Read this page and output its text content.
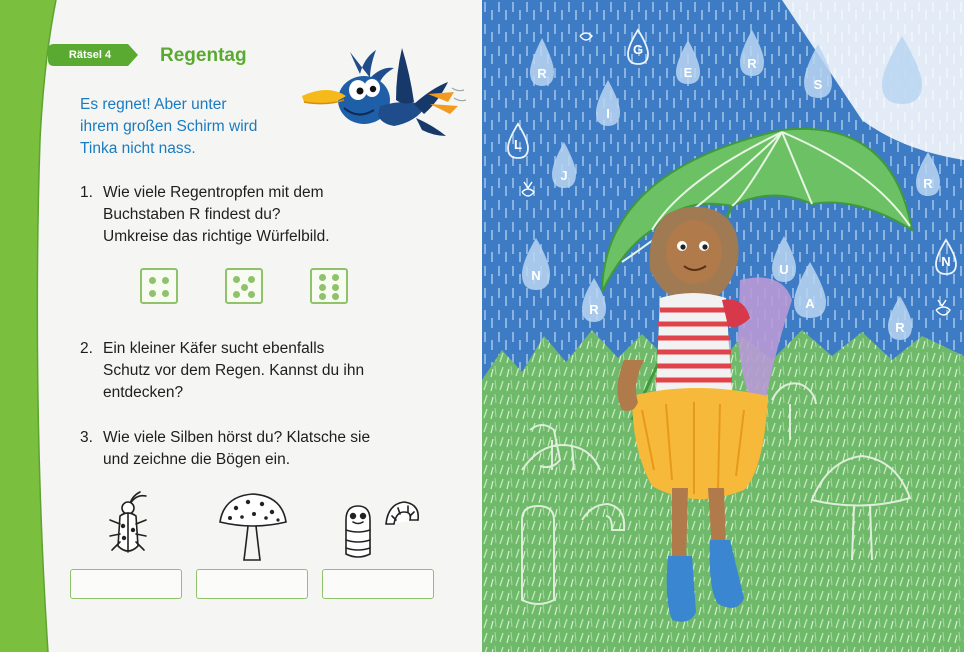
Rätsel 4	Regentag
Es regnet! Aber unter
ihrem großen Schirm wird
Tinka nicht nass.
1. Wie viele Regentropfen mit dem
Buchstaben R findest du?
Umkreise das richtige Würfelbild.
2. Ein kleiner Käfer sucht ebenfalls
Schutz vor dem Regen. Kannst du ihn
entdecken?
3. Wie viele Silben hörst du? Klatsche sie
und zeichne die Bögen ein.
R
G
E
R
S
I
L
J
R
N
R
U
A
R
N
